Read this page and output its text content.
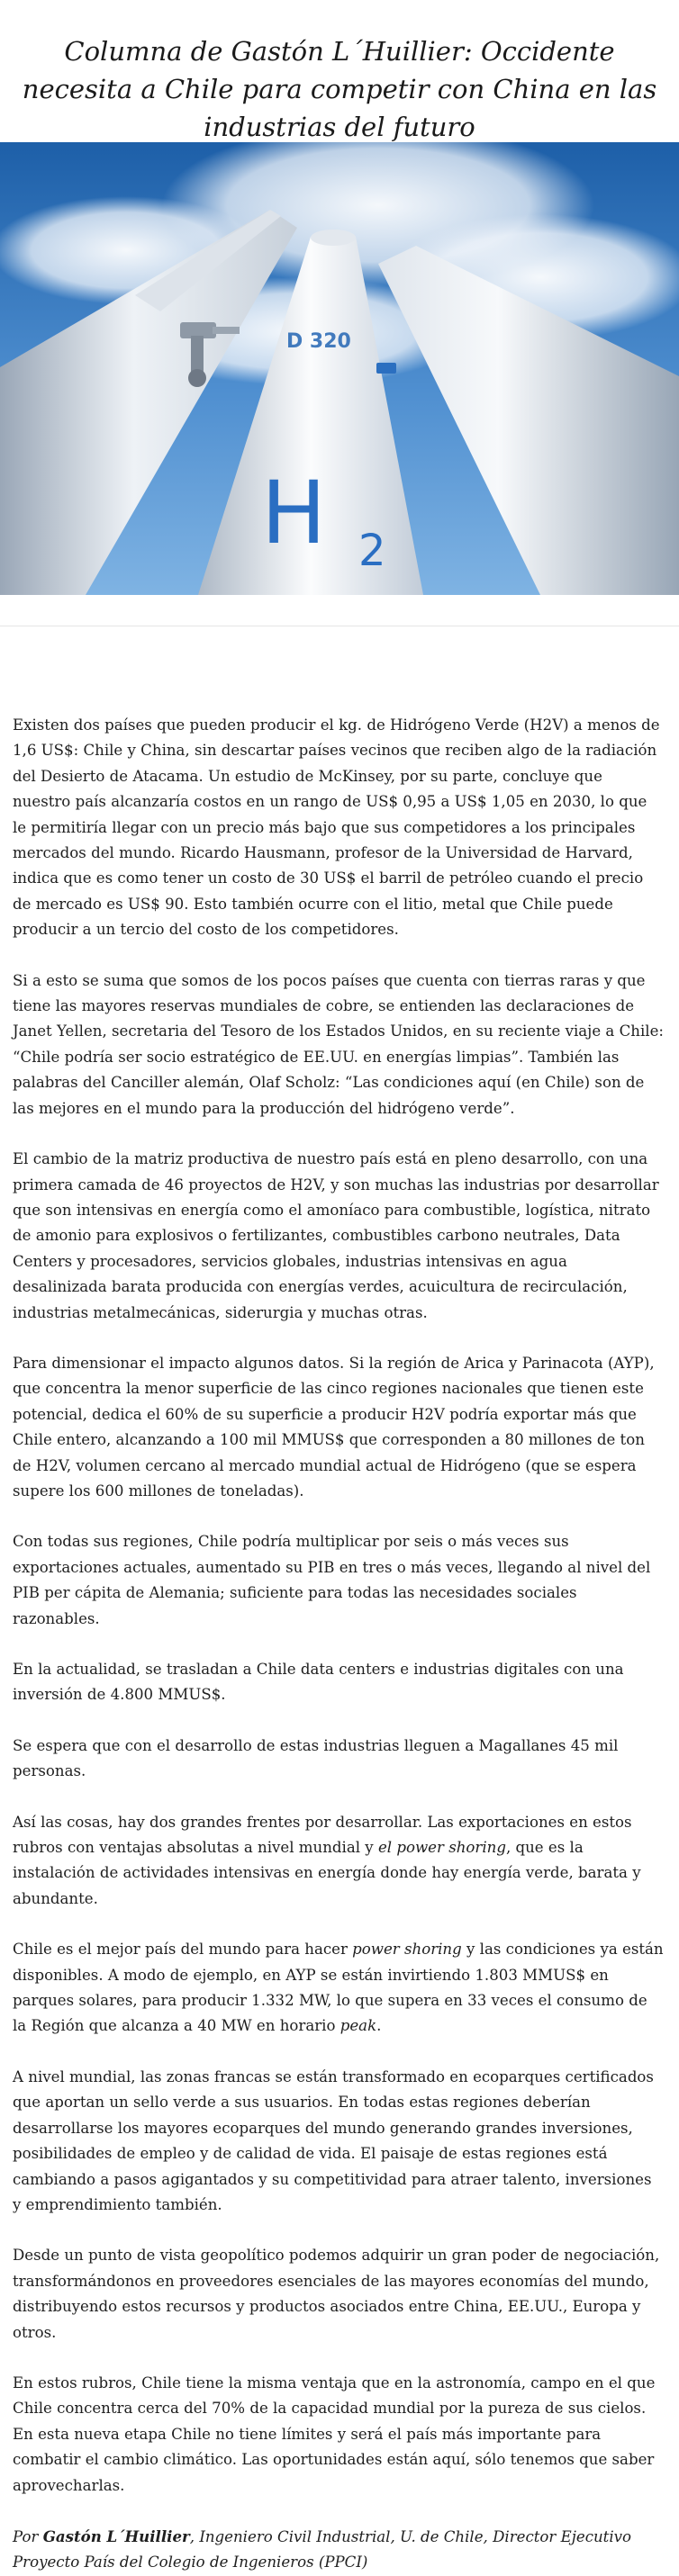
Columna de Gastón L´Huillier: Occidente necesita a Chile para competir con China en las industrias del futuro
D 320
H 2

Existen dos países que pueden producir el kg. de Hidrógeno Verde (H2V) a menos de 1,6 US$: Chile y China, sin descartar países vecinos que reciben algo de la radiación del Desierto de Atacama. Un estudio de McKinsey, por su parte, concluye que nuestro país alcanzaría costos en un rango de US$ 0,95 a US$ 1,05 en 2030, lo que le permitiría llegar con un precio más bajo que sus competidores a los principales mercados del mundo. Ricardo Hausmann, profesor de la Universidad de Harvard, indica que es como tener un costo de 30 US$ el barril de petróleo cuando el precio de mercado es US$ 90. Esto también ocurre con el litio, metal que Chile puede producir a un tercio del costo de los competidores.

Si a esto se suma que somos de los pocos países que cuenta con tierras raras y que tiene las mayores reservas mundiales de cobre, se entienden las declaraciones de Janet Yellen, secretaria del Tesoro de los Estados Unidos, en su reciente viaje a Chile: “Chile podría ser socio estratégico de EE.UU. en energías limpias”. También las palabras del Canciller alemán, Olaf Scholz: “Las condiciones aquí (en Chile) son de las mejores en el mundo para la producción del hidrógeno verde”.

El cambio de la matriz productiva de nuestro país está en pleno desarrollo, con una primera camada de 46 proyectos de H2V, y son muchas las industrias por desarrollar que son intensivas en energía como el amoníaco para combustible, logística, nitrato de amonio para explosivos o fertilizantes, combustibles carbono neutrales, Data Centers y procesadores, servicios globales, industrias intensivas en agua desalinizada barata producida con energías verdes, acuicultura de recirculación, industrias metalmecánicas, siderurgia y muchas otras.

Para dimensionar el impacto algunos datos. Si la región de Arica y Parinacota (AYP), que concentra la menor superficie de las cinco regiones nacionales que tienen este potencial, dedica el 60% de su superficie a producir H2V podría exportar más que Chile entero, alcanzando a 100 mil MMUS$ que corresponden a 80 millones de ton de H2V, volumen cercano al mercado mundial actual de Hidrógeno (que se espera supere los 600 millones de toneladas).

Con todas sus regiones, Chile podría multiplicar por seis o más veces sus exportaciones actuales, aumentado su PIB en tres o más veces, llegando al nivel del PIB per cápita de Alemania; suficiente para todas las necesidades sociales razonables.

En la actualidad, se trasladan a Chile data centers e industrias digitales con una inversión de 4.800 MMUS$.

Se espera que con el desarrollo de estas industrias lleguen a Magallanes 45 mil personas.

Así las cosas, hay dos grandes frentes por desarrollar. Las exportaciones en estos rubros con ventajas absolutas a nivel mundial y el power shoring, que es la instalación de actividades intensivas en energía donde hay energía verde, barata y abundante.

Chile es el mejor país del mundo para hacer power shoring y las condiciones ya están disponibles. A modo de ejemplo, en AYP se están invirtiendo 1.803 MMUS$ en parques solares, para producir 1.332 MW, lo que supera en 33 veces el consumo de la Región que alcanza a 40 MW en horario peak.

A nivel mundial, las zonas francas se están transformado en ecoparques certificados que aportan un sello verde a sus usuarios. En todas estas regiones deberían desarrollarse los mayores ecoparques del mundo generando grandes inversiones, posibilidades de empleo y de calidad de vida. El paisaje de estas regiones está cambiando a pasos agigantados y su competitividad para atraer talento, inversiones y emprendimiento también.

Desde un punto de vista geopolítico podemos adquirir un gran poder de negociación, transformándonos en proveedores esenciales de las mayores economías del mundo, distribuyendo estos recursos y productos asociados entre China, EE.UU., Europa y otros.

En estos rubros, Chile tiene la misma ventaja que en la astronomía, campo en el que Chile concentra cerca del 70% de la capacidad mundial por la pureza de sus cielos. En esta nueva etapa Chile no tiene límites y será el país más importante para combatir el cambio climático. Las oportunidades están aquí, sólo tenemos que saber aprovecharlas.

Por Gastón L´Huillier, Ingeniero Civil Industrial, U. de Chile, Director Ejecutivo Proyecto País del Colegio de Ingenieros (PPCI)
